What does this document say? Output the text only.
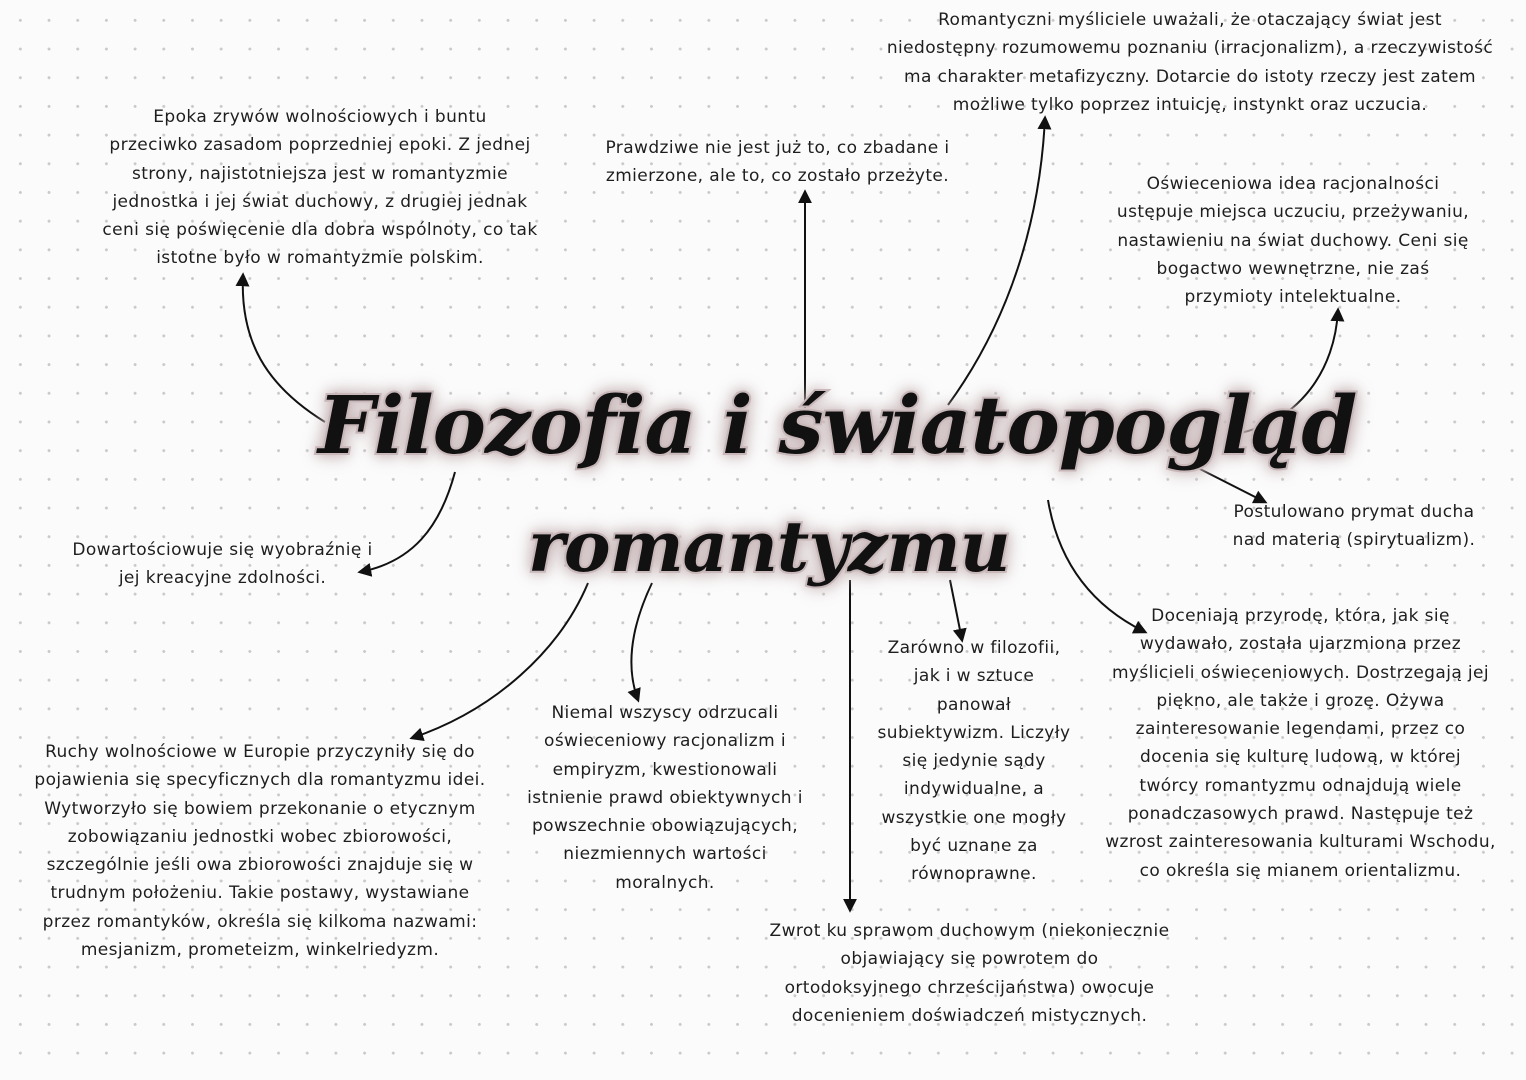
Filozofia i światopogląd
romantyzmu
Epoka zrywów wolnościowych i buntu
przeciwko zasadom poprzedniej epoki. Z jednej
strony, najistotniejsza jest w romantyzmie
jednostka i jej świat duchowy, z drugiej jednak
ceni się poświęcenie dla dobra wspólnoty, co tak
istotne było w romantyzmie polskim.
Prawdziwe nie jest już to, co zbadane i
zmierzone, ale to, co zostało przeżyte.
Romantyczni myśliciele uważali, że otaczający świat jest
niedostępny rozumowemu poznaniu (irracjonalizm), a rzeczywistość
ma charakter metafizyczny. Dotarcie do istoty rzeczy jest zatem
możliwe tylko poprzez intuicję, instynkt oraz uczucia.
Oświeceniowa idea racjonalności
ustępuje miejsca uczuciu, przeżywaniu,
nastawieniu na świat duchowy. Ceni się
bogactwo wewnętrzne, nie zaś
przymioty intelektualne.
Postulowano prymat ducha
nad materią (spirytualizm).
Dowartościowuje się wyobraźnię i
jej kreacyjne zdolności.
Ruchy wolnościowe w Europie przyczyniły się do
pojawienia się specyficznych dla romantyzmu idei.
Wytworzyło się bowiem przekonanie o etycznym
zobowiązaniu jednostki wobec zbiorowości,
szczególnie jeśli owa zbiorowości znajduje się w
trudnym położeniu. Takie postawy, wystawiane
przez romantyków, określa się kilkoma nazwami:
mesjanizm, prometeizm, winkelriedyzm.
Niemal wszyscy odrzucali
oświeceniowy racjonalizm i
empiryzm, kwestionowali
istnienie prawd obiektywnych i
powszechnie obowiązujących,
niezmiennych wartości
moralnych.
Zarówno w filozofii,
jak i w sztuce
panował
subiektywizm. Liczyły
się jedynie sądy
indywidualne, a
wszystkie one mogły
być uznane za
równoprawne.
Doceniają przyrodę, która, jak się
wydawało, została ujarzmiona przez
myślicieli oświeceniowych. Dostrzegają jej
piękno, ale także i grozę. Ożywa
zainteresowanie legendami, przez co
docenia się kulturę ludową, w której
twórcy romantyzmu odnajdują wiele
ponadczasowych prawd. Następuje też
wzrost zainteresowania kulturami Wschodu,
co określa się mianem orientalizmu.
Zwrot ku sprawom duchowym (niekoniecznie
objawiający się powrotem do
ortodoksyjnego chrześcijaństwa) owocuje
docenieniem doświadczeń mistycznych.
